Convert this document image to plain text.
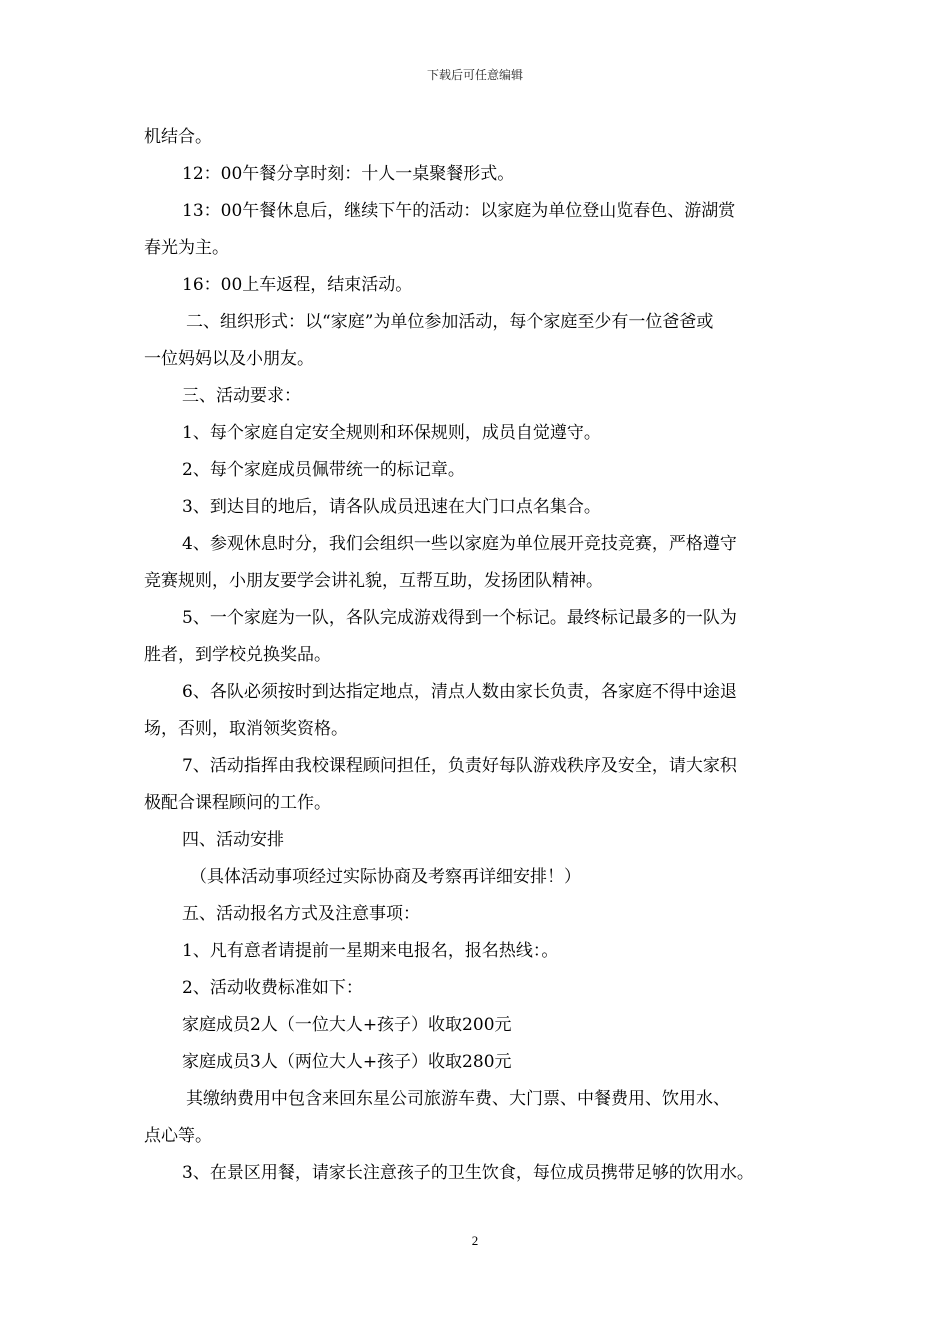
下载后可任意编辑
机结合。
12：00午餐分享时刻：十人一桌聚餐形式。
13：00午餐休息后，继续下午的活动：以家庭为单位登山览春色、游湖赏
春光为主。
16：00上车返程，结束活动。
二、组织形式：以“家庭”为单位参加活动，每个家庭至少有一位爸爸或
一位妈妈以及小朋友。
三、活动要求：
1、每个家庭自定安全规则和环保规则，成员自觉遵守。
2、每个家庭成员佩带统一的标记章。
3、到达目的地后，请各队成员迅速在大门口点名集合。
4、参观休息时分，我们会组织一些以家庭为单位展开竞技竞赛，严格遵守
竞赛规则，小朋友要学会讲礼貌，互帮互助，发扬团队精神。
5、一个家庭为一队，各队完成游戏得到一个标记。最终标记最多的一队为
胜者，到学校兑换奖品。
6、各队必须按时到达指定地点，清点人数由家长负责，各家庭不得中途退
场，否则，取消领奖资格。
7、活动指挥由我校课程顾问担任，负责好每队游戏秩序及安全，请大家积
极配合课程顾问的工作。
四、活动安排
（具体活动事项经过实际协商及考察再详细安排！）
五、活动报名方式及注意事项：
1、凡有意者请提前一星期来电报名，报名热线：。
2、活动收费标准如下：
家庭成员2人（一位大人+孩子）收取200元
家庭成员3人（两位大人+孩子）收取280元
其缴纳费用中包含来回东星公司旅游车费、大门票、中餐费用、饮用水、
点心等。
3、在景区用餐，请家长注意孩子的卫生饮食，每位成员携带足够的饮用水。
2
